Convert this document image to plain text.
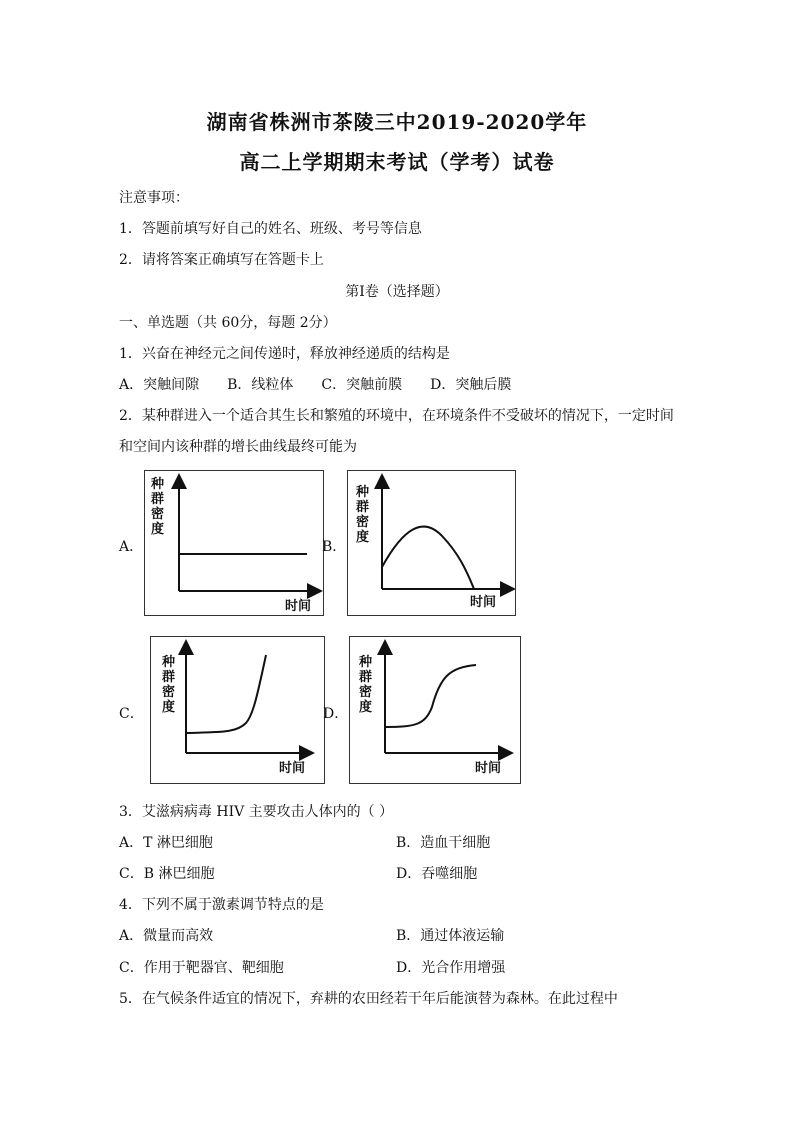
湖南省株洲市茶陵三中2019-2020学年
高二上学期期末考试（学考）试卷
注意事项：
1．答题前填写好自己的姓名、班级、考号等信息
2．请将答案正确填写在答题卡上
第I卷（选择题）
一、单选题（共 60分，每题 2分）
1．兴奋在神经元之间传递时，释放神经递质的结构是
A．突触间隙　　B．线粒体　　C．突触前膜　　D．突触后膜
2．某种群进入一个适合其生长和繁殖的环境中，在环境条件不受破坏的情况下，一定时间
和空间内该种群的增长曲线最终可能为
A．
种群密度
时间
B．
种群密度
时间
C．
种群密度
时间
D．
种群密度
时间
3．艾滋病病毒 HIV 主要攻击人体内的（ ）
A．T 淋巴细胞	B．造血干细胞
C．B 淋巴细胞	D．吞噬细胞
4．下列不属于激素调节特点的是
A．微量而高效	B．通过体液运输
C．作用于靶器官、靶细胞	D．光合作用增强
5．在气候条件适宜的情况下，弃耕的农田经若干年后能演替为森林。在此过程中
